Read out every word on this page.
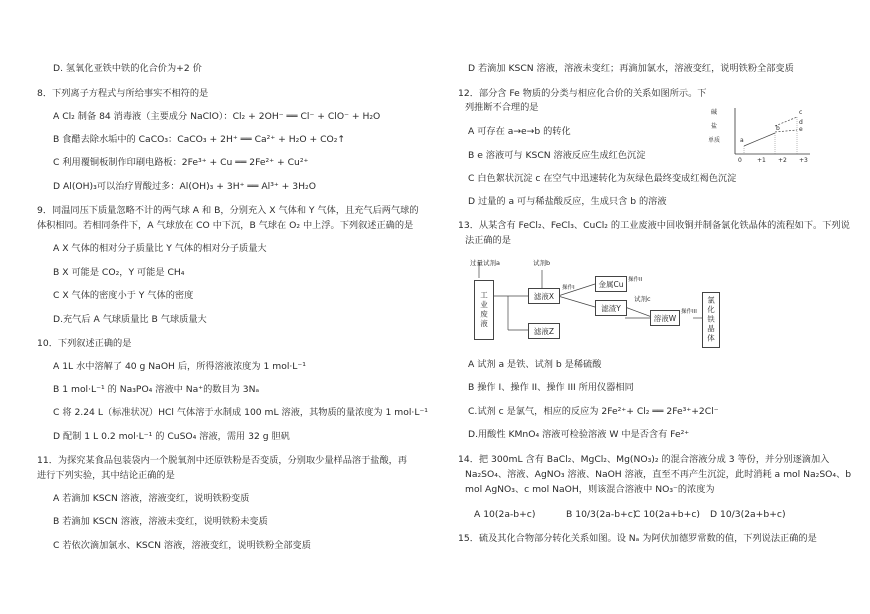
D. 氢氧化亚铁中铁的化合价为+2 价
8．下列离子方程式与所给事实不相符的是
A Cl₂ 制备 84 消毒液（主要成分 NaClO）：Cl₂ + 2OH⁻ ══ Cl⁻ + ClO⁻ + H₂O
B 食醋去除水垢中的 CaCO₃：CaCO₃ + 2H⁺ ══ Ca²⁺ + H₂O + CO₂↑
C 利用覆铜板制作印刷电路板：2Fe³⁺ + Cu ══ 2Fe²⁺ + Cu²⁺
D Al(OH)₃可以治疗胃酸过多：Al(OH)₃ + 3H⁺ ══ Al³⁺ + 3H₂O
9．同温同压下质量忽略不计的两气球 A 和 B，分别充入 X 气体和 Y 气体，且充气后两气球的
体积相同。若相同条件下，A 气球放在 CO 中下沉，B 气球在 O₂ 中上浮。下列叙述正确的是
A X 气体的相对分子质量比 Y 气体的相对分子质量大
B X 可能是 CO₂，Y 可能是 CH₄
C X 气体的密度小于 Y 气体的密度
D.充气后 A 气球质量比 B 气球质量大
10．下列叙述正确的是
A 1L 水中溶解了 40 g NaOH 后，所得溶液浓度为 1 mol·L⁻¹
B 1 mol·L⁻¹ 的 Na₃PO₄ 溶液中 Na⁺的数目为 3Nₐ
C 将 2.24 L（标准状况）HCl 气体溶于水制成 100 mL 溶液，其物质的量浓度为 1 mol·L⁻¹
D 配制 1 L 0.2 mol·L⁻¹ 的 CuSO₄ 溶液，需用 32 g 胆矾
11．为探究某食品包装袋内一个脱氧剂中还原铁粉是否变质，分别取少量样品溶于盐酸，再
进行下列实验，其中结论正确的是
A 若滴加 KSCN 溶液，溶液变红，说明铁粉变质
B 若滴加 KSCN 溶液，溶液未变红，说明铁粉未变质
C 若依次滴加氯水、KSCN 溶液，溶液变红，说明铁粉全部变质
D 若滴加 KSCN 溶液，溶液未变红；再滴加氯水，溶液变红，说明铁粉全部变质
12．部分含 Fe 物质的分类与相应化合价的关系如图所示。下
列推断不合理的是
A 可存在 a→e→b 的转化
B e 溶液可与 KSCN 溶液反应生成红色沉淀
C 白色絮状沉淀 c 在空气中迅速转化为灰绿色最终变成红褐色沉淀
D 过量的 a 可与稀盐酸反应，生成只含 b 的溶液
碱
盐
单质
0	+1 +2 +3
a
b
c
d
e
13．从某含有 FeCl₂、FeCl₃、CuCl₂ 的工业废液中回收铜并制备氯化铁晶体的流程如下。下列说
法正确的是
过量试剂a	试剂b
试剂c
工业废液	滤液X
滤液Z
金属Cu
滤渣Y
溶液W	氯化铁晶体
操作I
操作II
操作III
A 试剂 a 是铁、试剂 b 是稀硫酸
B 操作 I、操作 II、操作 III 所用仪器相同
C.试剂 c 是氯气，相应的反应为 2Fe²⁺+ Cl₂ ══ 2Fe³⁺+2Cl⁻
D.用酸性 KMnO₄ 溶液可检验溶液 W 中是否含有 Fe²⁺
14．把 300mL 含有 BaCl₂、MgCl₂、Mg(NO₃)₂ 的混合溶液分成 3 等份，并分别逐滴加入
Na₂SO₄、溶液、AgNO₃ 溶液、NaOH 溶液，直至不再产生沉淀，此时消耗 a mol Na₂SO₄、b
mol AgNO₃、c mol NaOH，则该混合溶液中 NO₃⁻的浓度为
A 10(2a-b+c)	B 10/3(2a-b+c)
C 10(2a+b+c) D 10/3(2a+b+c)
15．硫及其化合物部分转化关系如图。设 Nₐ 为阿伏加德罗常数的值，下列说法正确的是
